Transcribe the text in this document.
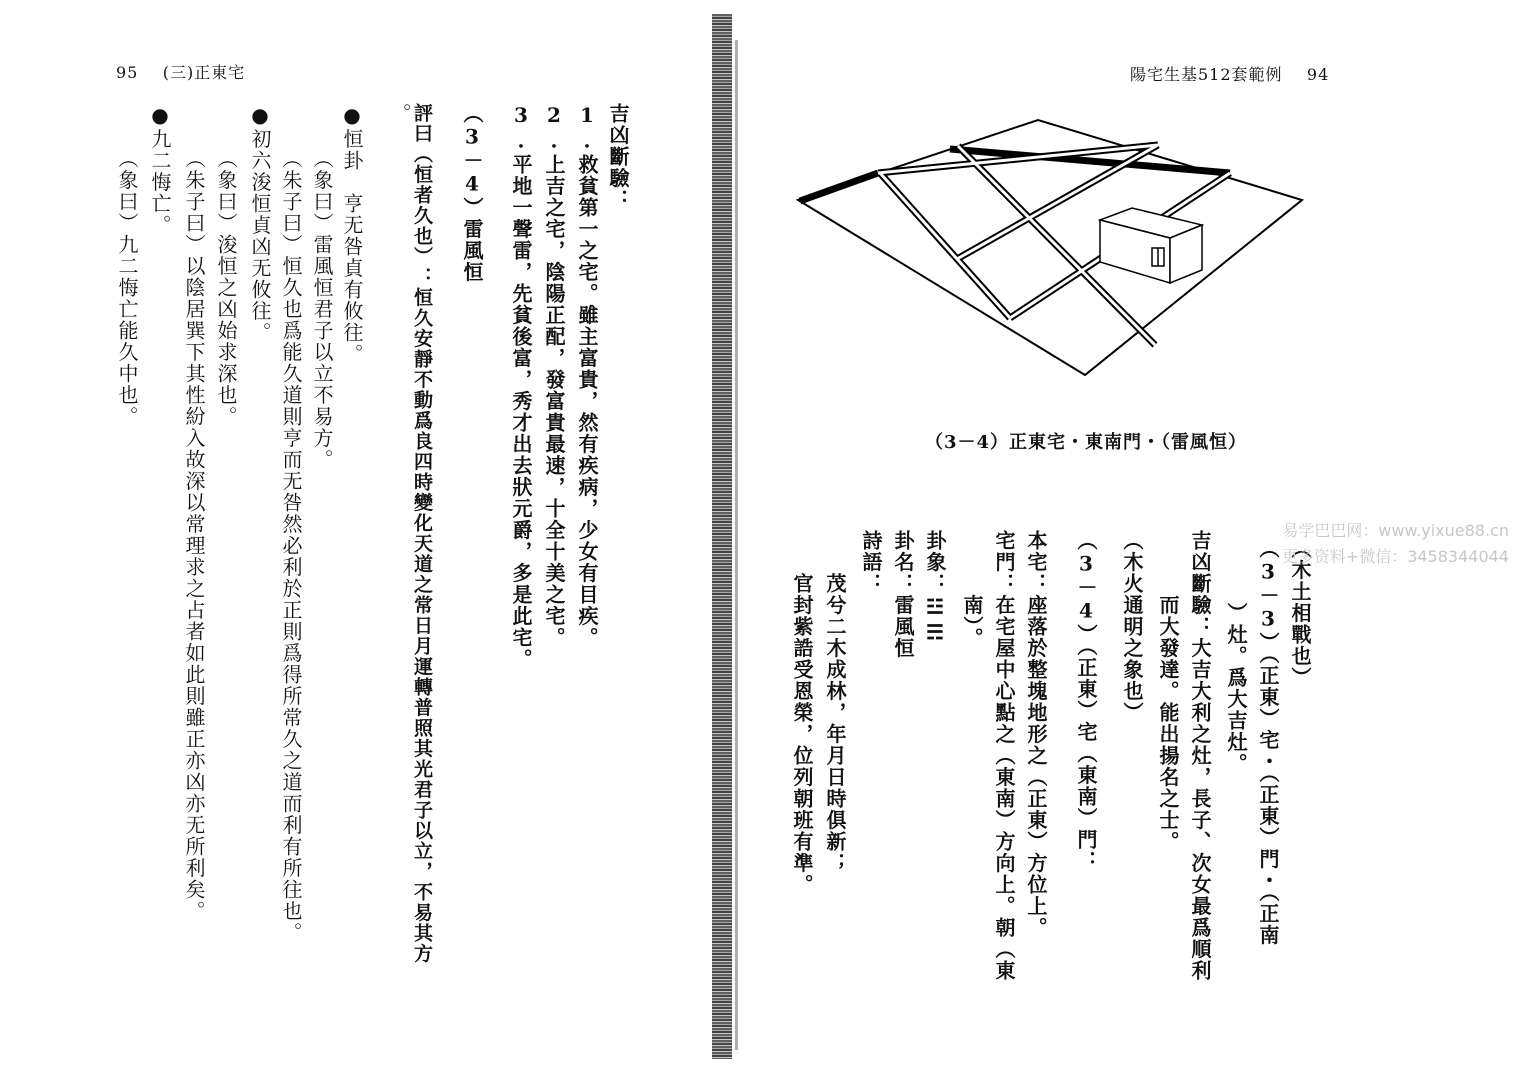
95 (三)正東宅	陽宅生基512套範例 94
吉凶斷驗：
1.救貧第一之宅。雖主富貴，然有疾病，少女有目疾。
2.上吉之宅，陰陽正配，發富貴最速，十全十美之宅。
3.平地一聲雷，先貧後富，秀才出去狀元爵，多是此宅。
（3－4）雷風恒
評曰（恒者久也）：恒久安靜不動爲良四時變化天道之常日月運轉普照其光君子以立，不易其方
。
●恒卦　亨无咎貞有攸往。
（象曰）雷風恒君子以立不易方。
（朱子曰）恒久也爲能久道則亨而无咎然必利於正則爲得所常久之道而利有所往也。
●初六浚恒貞凶无攸往。
（象曰）浚恒之凶始求深也。
（朱子曰）以陰居巽下其性紛入故深以常理求之占者如此則雖正亦凶亦无所利矣。
●九二悔亡。
（象曰）九二悔亡能久中也。
（3－4）正東宅・東南門・（雷風恒）
（木土相戰也）
（3－3）（正東）宅・（正東）門・（正南
　　　）灶。爲大吉灶。
吉凶斷驗：大吉大利之灶，長子、次女最爲順利
　　　而大發達。能出揚名之士。
（木火通明之象也）
（3－4）（正東）宅（東南）門：
本宅：座落於整塊地形之（正東）方位上。
宅門：在宅屋中心點之（東南）方向上。朝（東
　　　南）。
卦象：☳☴
卦名：雷風恒
詩語：
　　茂兮二木成林，年月日時俱新；
　　官封紫誥受恩榮，位列朝班有準。	易学巴巴网：www.yixue88.cn
更多资料+微信：3458344044
